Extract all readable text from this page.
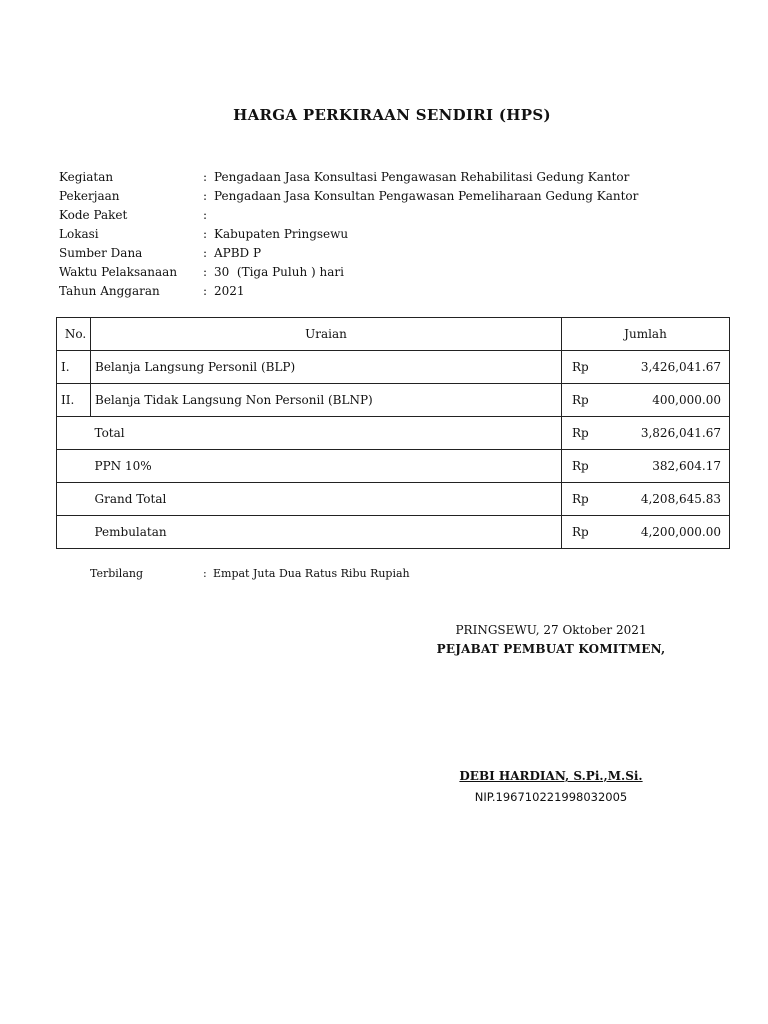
HARGA PERKIRAAN SENDIRI (HPS)
Kegiatan	: Pengadaan Jasa Konsultasi Pengawasan Rehabilitasi Gedung Kantor
Pekerjaan	: Pengadaan Jasa Konsultan Pengawasan Pemeliharaan Gedung Kantor
Kode Paket	:
Lokasi	: Kabupaten Pringsewu
Sumber Dana	: APBD P
Waktu Pelaksanaan : 30  (Tiga Puluh ) hari
Tahun Anggaran	: 2021
No.	Uraian	Jumlah	
I.	Belanja Langsung Personil (BLP)	Rp	3,426,041.67
II.	Belanja Tidak Langsung Non Personil (BLNP)	Rp	400,000.00
	Total	Rp	3,826,041.67
	PPN 10%	Rp	382,604.17
	Grand Total	Rp	4,208,645.83
	Pembulatan	Rp	4,200,000.00
Terbilang	: Empat Juta Dua Ratus Ribu Rupiah
PRINGSEWU, 27 Oktober 2021
PEJABAT PEMBUAT KOMITMEN,
DEBI HARDIAN, S.Pi.,M.Si.
NIP.196710221998032005
